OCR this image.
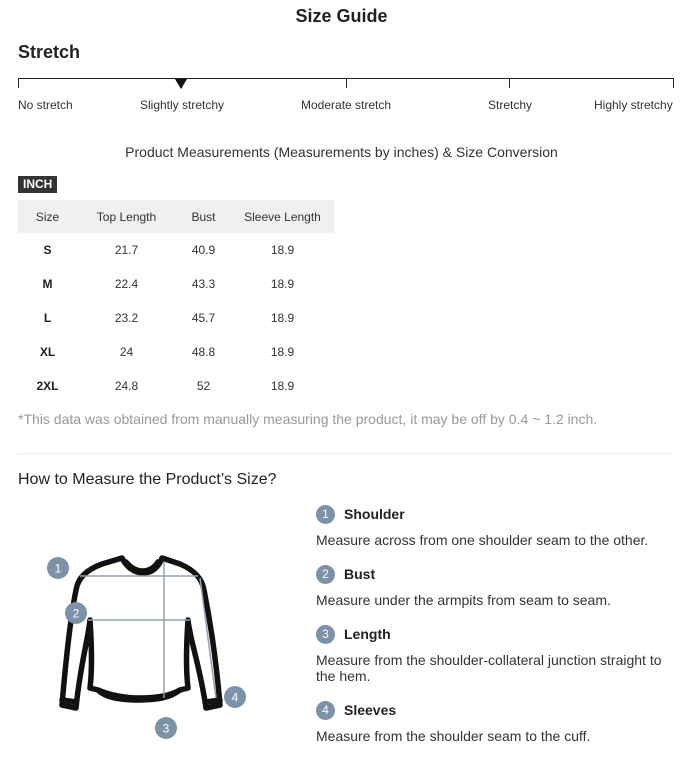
Size Guide
Stretch
No stretch	Slightly stretchy	Moderate stretch	Stretchy	Highly stretchy
Product Measurements (Measurements by inches) & Size Conversion
INCH
Size	Top Length	Bust	Sleeve Length
S	21.7	40.9	18.9
M	22.4	43.3	18.9
L	23.2	45.7	18.9
XL	24	48.8	18.9
2XL	24.8	52	18.9
*This data was obtained from manually measuring the product, it may be off by 0.4 ~ 1.2 inch.
How to Measure the Product’s Size?
1
2
3
4
1	Shoulder
Measure across from one shoulder seam to the other.
2	Bust
Measure under the armpits from seam to seam.
3	Length
Measure from the shoulder-collateral junction straight to the hem.
4	Sleeves
Measure from the shoulder seam to the cuff.
